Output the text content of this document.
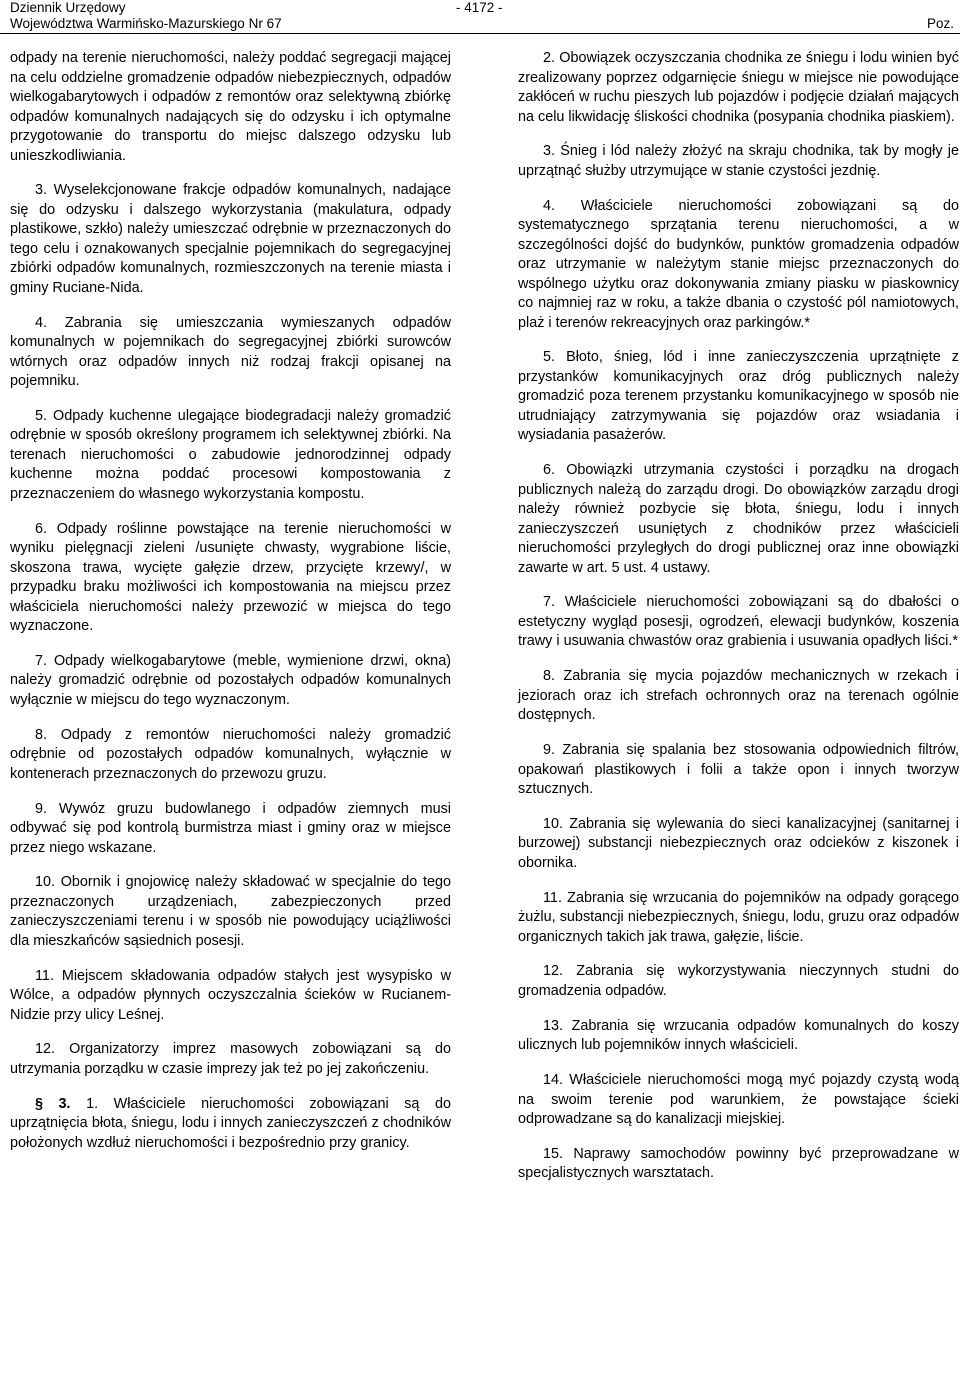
Dziennik Urzędowy
Województwa Warmińsko-Mazurskiego Nr 67
- 4172 -
Poz.

odpady na terenie nieruchomości, należy poddać segregacji mającej na celu oddzielne gromadzenie odpadów niebezpiecznych, odpadów wielkogabarytowych i odpadów z remontów oraz selektywną zbiórkę odpadów komunalnych nadających się do odzysku i ich optymalne przygotowanie do transportu do miejsc dalszego odzysku lub unieszkodliwiania.

3. Wyselekcjonowane frakcje odpadów komunalnych, nadające się do odzysku i dalszego wykorzystania (makulatura, odpady plastikowe, szkło) należy umieszczać odrębnie w przeznaczonych do tego celu i oznakowanych specjalnie pojemnikach do segregacyjnej zbiórki odpadów komunalnych, rozmieszczonych na terenie miasta i gminy Ruciane-Nida.

4. Zabrania się umieszczania wymieszanych odpadów komunalnych w pojemnikach do segregacyjnej zbiórki surowców wtórnych oraz odpadów innych niż rodzaj frakcji opisanej na pojemniku.

5. Odpady kuchenne ulegające biodegradacji należy gromadzić odrębnie w sposób określony programem ich selektywnej zbiórki. Na terenach nieruchomości o zabudowie jednorodzinnej odpady kuchenne można poddać procesowi kompostowania z przeznaczeniem do własnego wykorzystania kompostu.

6. Odpady roślinne powstające na terenie nieruchomości w wyniku pielęgnacji zieleni /usunięte chwasty, wygrabione liście, skoszona trawa, wycięte gałęzie drzew, przycięte krzewy/, w przypadku braku możliwości ich kompostowania na miejscu przez właściciela nieruchomości należy przewozić w miejsca do tego wyznaczone.

7. Odpady wielkogabarytowe (meble, wymienione drzwi, okna) należy gromadzić odrębnie od pozostałych odpadów komunalnych wyłącznie w miejscu do tego wyznaczonym.

8. Odpady z remontów nieruchomości należy gromadzić odrębnie od pozostałych odpadów komunalnych, wyłącznie w kontenerach przeznaczonych do przewozu gruzu.

9. Wywóz gruzu budowlanego i odpadów ziemnych musi odbywać się pod kontrolą burmistrza miast i gminy oraz w miejsce przez niego wskazane.

10. Obornik i gnojowicę należy składować w specjalnie do tego przeznaczonych urządzeniach, zabezpieczonych przed zanieczyszczeniami terenu i w sposób nie powodujący uciążliwości dla mieszkańców sąsiednich posesji.

11. Miejscem składowania odpadów stałych jest wysypisko w Wólce, a odpadów płynnych oczyszczalnia ścieków w Rucianem-Nidzie przy ulicy Leśnej.

12. Organizatorzy imprez masowych zobowiązani są do utrzymania porządku w czasie imprezy jak też po jej zakończeniu.

§ 3. 1. Właściciele nieruchomości zobowiązani są do uprzątnięcia błota, śniegu, lodu i innych zanieczyszczeń z chodników położonych wzdłuż nieruchomości i bezpośrednio przy granicy.

2. Obowiązek oczyszczania chodnika ze śniegu i lodu winien być zrealizowany poprzez odgarnięcie śniegu w miejsce nie powodujące zakłóceń w ruchu pieszych lub pojazdów i podjęcie działań mających na celu likwidację śliskości chodnika (posypania chodnika piaskiem).

3. Śnieg i lód należy złożyć na skraju chodnika, tak by mogły je uprzątnąć służby utrzymujące w stanie czystości jezdnię.

4. Właściciele nieruchomości zobowiązani są do systematycznego sprzątania terenu nieruchomości, a w szczególności dojść do budynków, punktów gromadzenia odpadów oraz utrzymanie w należytym stanie miejsc przeznaczonych do wspólnego użytku oraz dokonywania zmiany piasku w piaskownicy co najmniej raz w roku, a także dbania o czystość pól namiotowych, plaż i terenów rekreacyjnych oraz parkingów.*

5. Błoto, śnieg, lód i inne zanieczyszczenia uprzątnięte z przystanków komunikacyjnych oraz dróg publicznych należy gromadzić poza terenem przystanku komunikacyjnego w sposób nie utrudniający zatrzymywania się pojazdów oraz wsiadania i wysiadania pasażerów.

6. Obowiązki utrzymania czystości i porządku na drogach publicznych należą do zarządu drogi. Do obowiązków zarządu drogi należy również pozbycie się błota, śniegu, lodu i innych zanieczyszczeń usuniętych z chodników przez właścicieli nieruchomości przyległych do drogi publicznej oraz inne obowiązki zawarte w art. 5 ust. 4 ustawy.

7. Właściciele nieruchomości zobowiązani są do dbałości o estetyczny wygląd posesji, ogrodzeń, elewacji budynków, koszenia trawy i usuwania chwastów oraz grabienia i usuwania opadłych liści.*

8. Zabrania się mycia pojazdów mechanicznych w rzekach i jeziorach oraz ich strefach ochronnych oraz na terenach ogólnie dostępnych.

9. Zabrania się spalania bez stosowania odpowiednich filtrów, opakowań plastikowych i folii a także opon i innych tworzyw sztucznych.

10. Zabrania się wylewania do sieci kanalizacyjnej (sanitarnej i burzowej) substancji niebezpiecznych oraz odcieków z kiszonek i obornika.

11. Zabrania się wrzucania do pojemników na odpady gorącego żużlu, substancji niebezpiecznych, śniegu, lodu, gruzu oraz odpadów organicznych takich jak trawa, gałęzie, liście.

12. Zabrania się wykorzystywania nieczynnych studni do gromadzenia odpadów.

13. Zabrania się wrzucania odpadów komunalnych do koszy ulicznych lub pojemników innych właścicieli.

14. Właściciele nieruchomości mogą myć pojazdy czystą wodą na swoim terenie pod warunkiem, że powstające ścieki odprowadzane są do kanalizacji miejskiej.

15. Naprawy samochodów powinny być przeprowadzane w specjalistycznych warsztatach.
